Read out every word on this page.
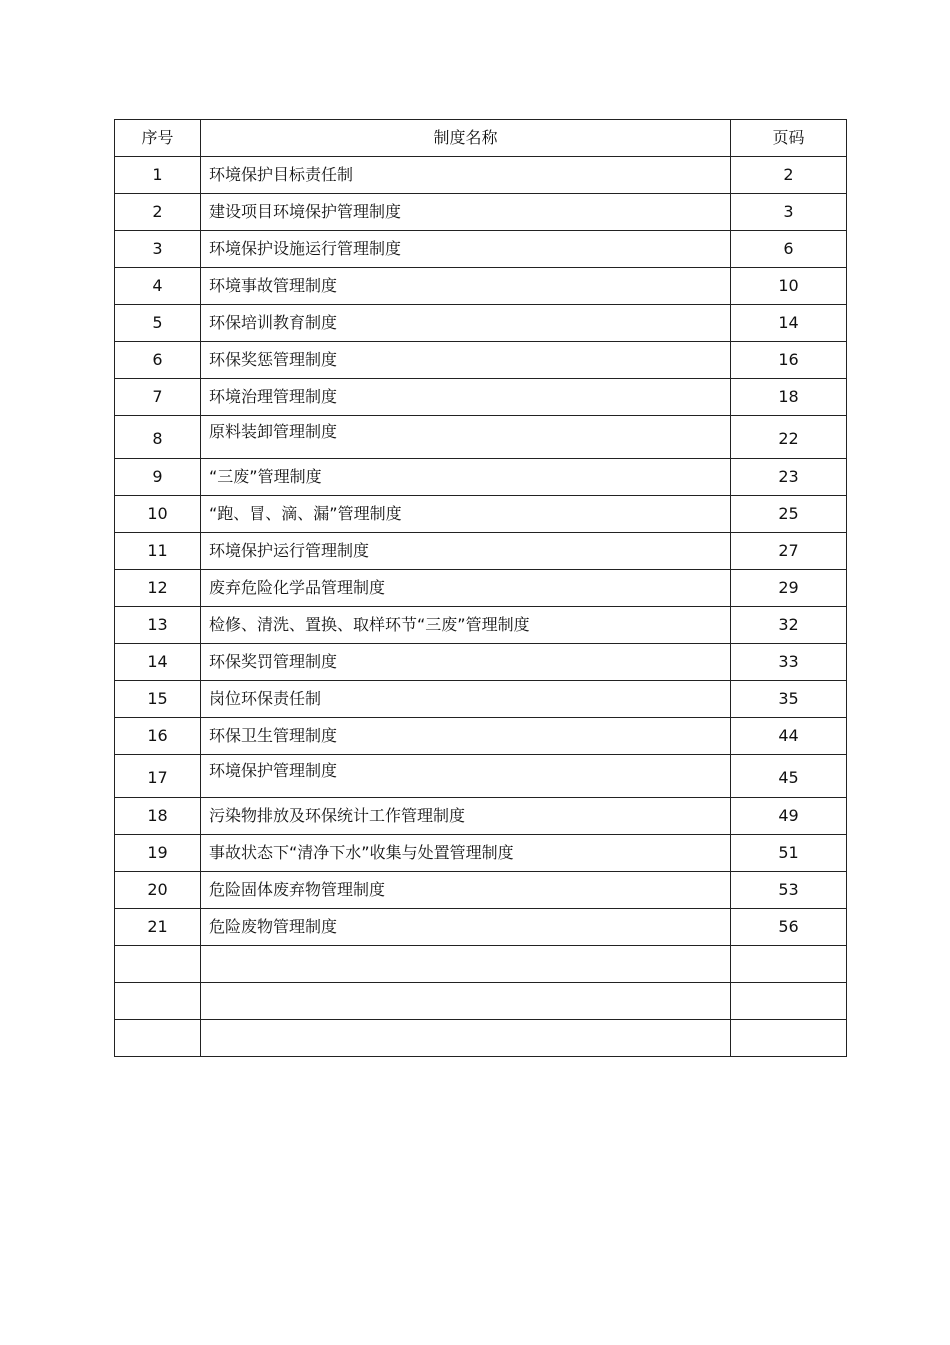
序号	制度名称	页码
1	环境保护目标责任制	2
2	建设项目环境保护管理制度	3
3	环境保护设施运行管理制度	6
4	环境事故管理制度	10
5	环保培训教育制度	14
6	环保奖惩管理制度	16
7	环境治理管理制度	18
8	原料装卸管理制度	22
9	“三废”管理制度	23
10	“跑、冒、滴、漏”管理制度	25
11	环境保护运行管理制度	27
12	废弃危险化学品管理制度	29
13	检修、清洗、置换、取样环节“三废”管理制度	32
14	环保奖罚管理制度	33
15	岗位环保责任制	35
16	环保卫生管理制度	44
17	环境保护管理制度	45
18	污染物排放及环保统计工作管理制度	49
19	事故状态下“清净下水”收集与处置管理制度	51
20	危险固体废弃物管理制度	53
21	危险废物管理制度	56
